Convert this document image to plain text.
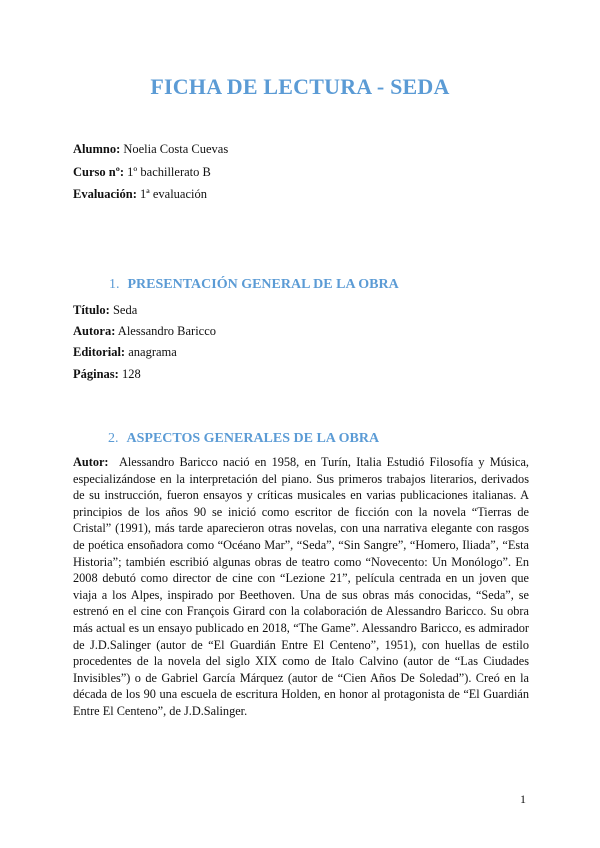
FICHA DE LECTURA - SEDA
Alumno: Noelia Costa Cuevas
Curso nº: 1º bachillerato B
Evaluación: 1ª evaluación
1. PRESENTACIÓN GENERAL DE LA OBRA
Título: Seda
Autora: Alessandro Baricco
Editorial: anagrama
Páginas: 128
2. ASPECTOS GENERALES DE LA OBRA

Autor: Alessandro Baricco nació en 1958, en Turín, Italia Estudió Filosofía y Música, especializándose en la interpretación del piano. Sus primeros trabajos literarios, derivados de su instrucción, fueron ensayos y críticas musicales en varias publicaciones italianas. A principios de los años 90 se inició como escritor de ficción con la novela “Tierras de Cristal” (1991), más tarde aparecieron otras novelas, con una narrativa elegante con rasgos de poética ensoñadora como “Océano Mar”, “Seda”, “Sin Sangre”, “Homero, Iliada”, “Esta Historia”; también escribió algunas obras de teatro como “Novecento: Un Monólogo”. En 2008 debutó como director de cine con “Lezione 21”, película centrada en un joven que viaja a los Alpes, inspirado por Beethoven. Una de sus obras más conocidas, “Seda”, se estrenó en el cine con François Girard con la colaboración de Alessandro Baricco. Su obra más actual es un ensayo publicado en 2018, “The Game”. Alessandro Baricco, es admirador de J.D.Salinger (autor de “El Guardián Entre El Centeno”, 1951), con huellas de estilo procedentes de la novela del siglo XIX como de Italo Calvino (autor de “Las Ciudades Invisibles”) o de Gabriel García Márquez (autor de “Cien Años De Soledad”). Creó en la década de los 90 una escuela de escritura Holden, en honor al protagonista de “El Guardián Entre El Centeno”, de J.D.Salinger.

1
